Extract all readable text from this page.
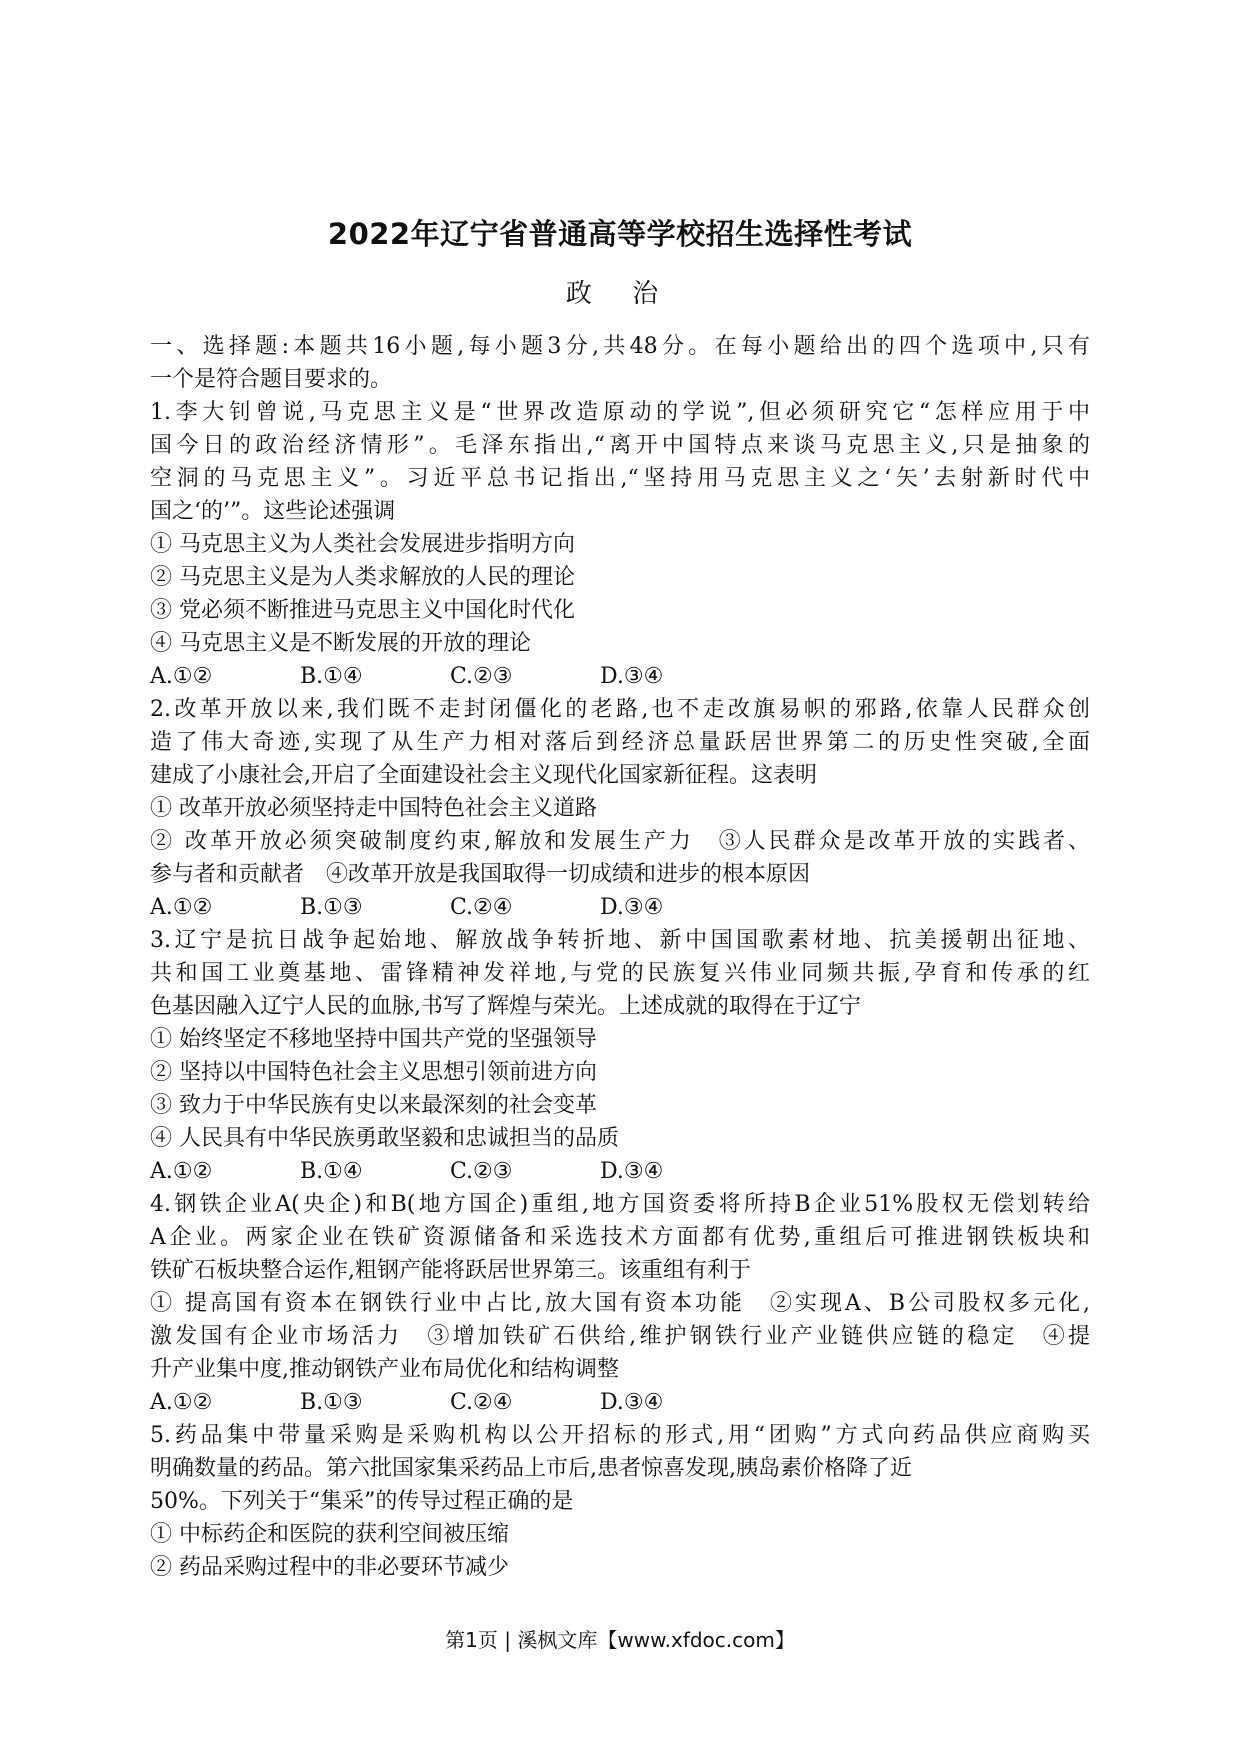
2022年辽宁省普通高等学校招生选择性考试
政 治
一、选择题:本题共16小题,每小题3分,共48分。在每小题给出的四个选项中,只有
一个是符合题目要求的。
1.李大钊曾说,马克思主义是“世界改造原动的学说”,但必须研究它“怎样应用于中
国今日的政治经济情形”。毛泽东指出,“离开中国特点来谈马克思主义,只是抽象的
空洞的马克思主义”。习近平总书记指出,“坚持用马克思主义之‘矢’去射新时代中
国之‘的’”。这些论述强调
① 马克思主义为人类社会发展进步指明方向
② 马克思主义是为人类求解放的人民的理论
③ 党必须不断推进马克思主义中国化时代化
④ 马克思主义是不断发展的开放的理论
A.①②	B.①④	C.②③	D.③④
2.改革开放以来,我们既不走封闭僵化的老路,也不走改旗易帜的邪路,依靠人民群众创
造了伟大奇迹,实现了从生产力相对落后到经济总量跃居世界第二的历史性突破,全面
建成了小康社会,开启了全面建设社会主义现代化国家新征程。这表明
① 改革开放必须坚持走中国特色社会主义道路
② 改革开放必须突破制度约束,解放和发展生产力　③人民群众是改革开放的实践者、
参与者和贡献者　④改革开放是我国取得一切成绩和进步的根本原因
A.①②	B.①③	C.②④	D.③④
3.辽宁是抗日战争起始地、解放战争转折地、新中国国歌素材地、抗美援朝出征地、
共和国工业奠基地、雷锋精神发祥地,与党的民族复兴伟业同频共振,孕育和传承的红
色基因融入辽宁人民的血脉,书写了辉煌与荣光。上述成就的取得在于辽宁
① 始终坚定不移地坚持中国共产党的坚强领导
② 坚持以中国特色社会主义思想引领前进方向
③ 致力于中华民族有史以来最深刻的社会变革
④ 人民具有中华民族勇敢坚毅和忠诚担当的品质
A.①②	B.①④	C.②③	D.③④
4.钢铁企业A(央企)和B(地方国企)重组,地方国资委将所持B企业51%股权无偿划转给
A企业。两家企业在铁矿资源储备和采选技术方面都有优势,重组后可推进钢铁板块和
铁矿石板块整合运作,粗钢产能将跃居世界第三。该重组有利于
① 提高国有资本在钢铁行业中占比,放大国有资本功能　②实现A、B公司股权多元化,
激发国有企业市场活力　③增加铁矿石供给,维护钢铁行业产业链供应链的稳定　④提
升产业集中度,推动钢铁产业布局优化和结构调整
A.①②	B.①③	C.②④	D.③④
5.药品集中带量采购是采购机构以公开招标的形式,用“团购”方式向药品供应商购买
明确数量的药品。第六批国家集采药品上市后,患者惊喜发现,胰岛素价格降了近
50%。下列关于“集采”的传导过程正确的是
① 中标药企和医院的获利空间被压缩
② 药品采购过程中的非必要环节减少
第1页 | 溪枫文库【www.xfdoc.com】
